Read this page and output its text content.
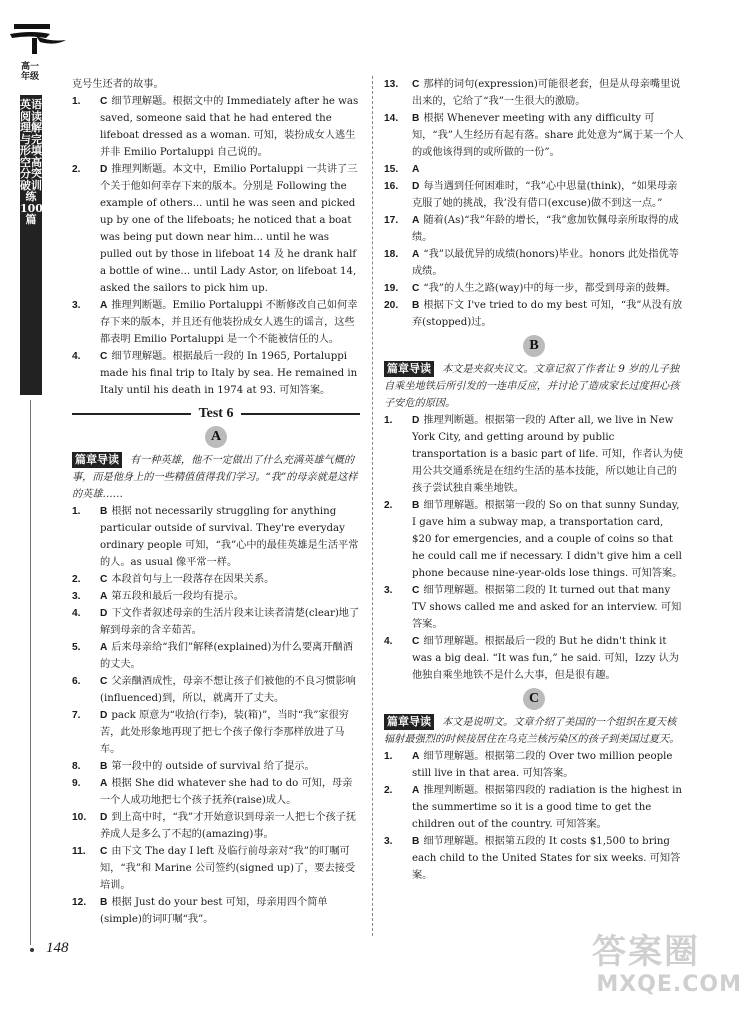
高一年级
英语阅读理解与完形填空高分突破训练100篇

克号生还者的故事。

1. C 细节理解题。根据文中的 Immediately after he was saved, someone said that he had entered the lifeboat dressed as a woman. 可知，装扮成女人逃生并非 Emilio Portaluppi 自己说的。

2. D 推理判断题。本文中，Emilio Portaluppi 一共讲了三个关于他如何幸存下来的版本。分别是 Following the example of others... until he was seen and picked up by one of the lifeboats; he noticed that a boat was being put down near him... until he was pulled out by those in lifeboat 14 及 he drank half a bottle of wine... until Lady Astor, on lifeboat 14, asked the sailors to pick him up.

3. A 推理判断题。Emilio Portaluppi 不断修改自己如何幸存下来的版本，并且还有他装扮成女人逃生的谣言，这些都表明 Emilio Portaluppi 是一个不能被信任的人。

4. C 细节理解题。根据最后一段的 In 1965, Portaluppi made his final trip to Italy by sea. He remained in Italy until his death in 1974 at 93. 可知答案。

Test 6
A

篇章导读 有一种英雄，他不一定做出了什么充满英雄气概的事，而是他身上的一些精值值得我们学习。“我”的母亲就是这样的英雄……

1. B 根据 not necessarily struggling for anything particular outside of survival. They're everyday ordinary people 可知，“我”心中的最佳英雄是生活平常的人。as usual 像平常一样。

2. C 本段首句与上一段落存在因果关系。

3. A 第五段和最后一段均有提示。

4. D 下文作者叙述母亲的生活片段来让读者清楚(clear)地了解到母亲的含辛茹苦。

5. A 后来母亲给“我们”解释(explained)为什么要离开酗酒的丈夫。

6. C 父亲酗酒成性，母亲不想让孩子们被他的不良习惯影响(influenced)到，所以，就离开了丈夫。

7. D pack 原意为“收拾(行李)，装(箱)”，当时“我”家很穷苦，此处形象地再现了把七个孩子像行李那样放进了马车。

8. B 第一段中的 outside of survival 给了提示。

9. A 根据 She did whatever she had to do 可知，母亲一个人成功地把七个孩子抚养(raise)成人。

10. D 到上高中时，“我”才开始意识到母亲一人把七个孩子抚养成人是多么了不起的(amazing)事。

11. C 由下文 The day I left 及临行前母亲对“我”的叮嘱可知，“我”和 Marine 公司签约(signed up)了，要去接受培训。

12. B 根据 Just do your best 可知，母亲用四个简单(simple)的词叮嘱“我”。

13. C 那样的词句(expression)可能很老套，但是从母亲嘴里说出来的，它给了“我”一生很大的激励。

14. B 根据 Whenever meeting with any difficulty 可知，“我”人生经历有起有落。share 此处意为“属于某一个人的或他该得到的或所做的一份”。

15. A

16. D 每当遇到任何困难时，“我”心中思量(think)，“如果母亲克服了她的挑战，我’没有借口(excuse)做不到这一点。”

17. A 随着(As)“我”年龄的增长，“我”愈加钦佩母亲所取得的成绩。

18. A “我”以最优异的成绩(honors)毕业。honors 此处指优等成绩。

19. C “我”的人生之路(way)中的每一步，都受到母亲的鼓舞。

20. B 根据下文 I've tried to do my best 可知，“我”从没有放弃(stopped)过。

B

篇章导读 本文是夹叙夹议文。文章记叙了作者让 9 岁的儿子独自乘坐地铁后所引发的一连串反应，并讨论了造成家长过度担心孩子安危的原因。

1. D 推理判断题。根据第一段的 After all, we live in New York City, and getting around by public transportation is a basic part of life. 可知，作者认为使用公共交通系统是在纽约生活的基本技能，所以她让自己的孩子尝试独自乘坐地铁。

2. B 细节理解题。根据第一段的 So on that sunny Sunday, I gave him a subway map, a transportation card, $20 for emergencies, and a couple of coins so that he could call me if necessary. I didn't give him a cell phone because nine-year-olds lose things. 可知答案。

3. C 细节理解题。根据第二段的 It turned out that many TV shows called me and asked for an interview. 可知答案。

4. C 细节理解题。根据最后一段的 But he didn't think it was a big deal. “It was fun,” he said. 可知，Izzy 认为他独自乘坐地铁不是什么大事，但是很有趣。

C

篇章导读 本文是说明文。文章介绍了美国的一个组织在夏天核辐射最强烈的时候接居住在乌克兰核污染区的孩子到美国过夏天。

1. A 细节理解题。根据第二段的 Over two million people still live in that area. 可知答案。

2. A 推理判断题。根据第四段的 radiation is the highest in the summertime so it is a good time to get the children out of the country. 可知答案。

3. B 细节理解题。根据第五段的 It costs $1,500 to bring each child to the United States for six weeks. 可知答案。

148	答案圈
MXQE.COM
